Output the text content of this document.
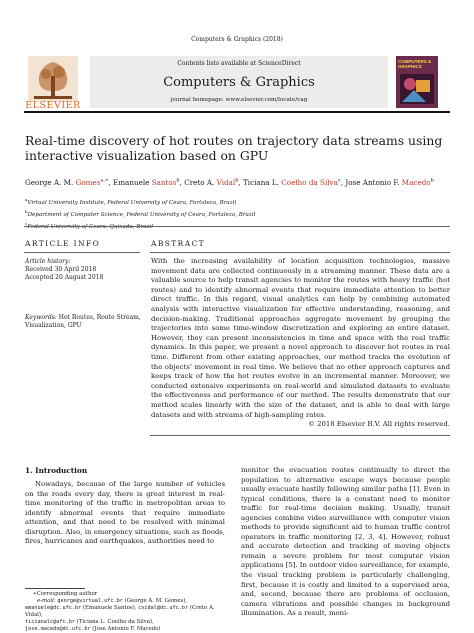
Computers & Graphics (2018)
ELSEVIER
Contents lists available at ScienceDirect
Computers & Graphics
journal homepage: www.elsevier.com/locate/cag
COMPUTERS & GRAPHICS
Real-time discovery of hot routes on trajectory data streams using interactive visualization based on GPU
George A. M. Gomes$^{a,∗}$, Emanuele Santos$^b$, Creto A. Vidal$^b$, Ticiana L. Coelho da Silva$^c$, Jose Antonio F. Macedo$^b$
$^a$Virtual University Institute, Federal University of Ceara, Fortaleza, Brazil
$^b$Department of Computer Science, Federal University of Ceara, Fortaleza, Brazil
$^c$
ARTICLE INFO	ABSTRACT
Article history:
Received 30 April 2018
Accepted 20 August 2018
Keywords: Hot Routes, Route Stream, Visualization, GPU

With the increasing availability of location acquisition technologies, massive movement data are collected continuously in a streaming manner. These data are a valuable source to help transit agencies to monitor the routes with heavy traffic (hot routes) and to identify abnormal events that require immediate attention to better direct traffic. In this regard, visual analytics can help by combining automated analysis with interactive visualization for effective understanding, reasoning, and decision-making. Traditional approaches aggregate movement by grouping the trajectories into some time-window discretization and exploring an entire dataset. However, they can present inconsistencies in time and space with the real traffic dynamics. In this paper, we present a novel approach to discover hot routes in real time. Different from other existing approaches, our method tracks the evolution of the objects’ movement in real time. We believe that no other approach captures and keeps track of how the hot routes evolve in an incremental manner. Moreover, we conducted extensive experiments on real-world and simulated datasets to evaluate the effectiveness and performance of our method. The results demonstrate that our method scales linearly with the size of the dataset, and is able to deal with large datasets and with streams of high-sampling rates.

© 2018 Elsevier B.V. All rights reserved.
1. Introduction

Nowadays, because of the large number of vehicles on the roads every day, there is great interest in real-time monitoring of the traffic in metropolitan areas to identify abnormal events that require immediate attention, and that need to be resolved with minimal disruption. Also, in emergency situations, such as floods, fires, hurricanes and earthquakes, authorities need to

monitor the evacuation routes continually to direct the population to alternative escape ways because people usually evacuate hastily following similar paths [1]. Even in typical conditions, there is a constant need to monitor traffic for real-time decision making. Usually, transit agencies combine video surveillance with computer vision methods to provide significant aid to human traffic control operators in traffic monitoring [2, 3, 4]. However, robust and accurate detection and tracking of moving objects remain a severe problem for most computer vision applications [5]. In outdoor video surveillance, for example, the visual tracking problem is particularly challenging, first, because it is costly and limited to a supervised area, and, second, because there are problems of occlusion, camera vibrations and possible changes in background illumination. As a result, moni-

∗Corresponding author
e-mail: george@virtual.ufc.br (George A. M. Gomes),
emanuele@dc.ufc.br (Emanuele Santos), cvidal@dc.ufc.br (Creto A. Vidal),
ticianalc@ufc.br (Ticiana L. Coelho da Silva),
jose.macedo@dc.ufc.br (Jose Antonio F. Macedo)
